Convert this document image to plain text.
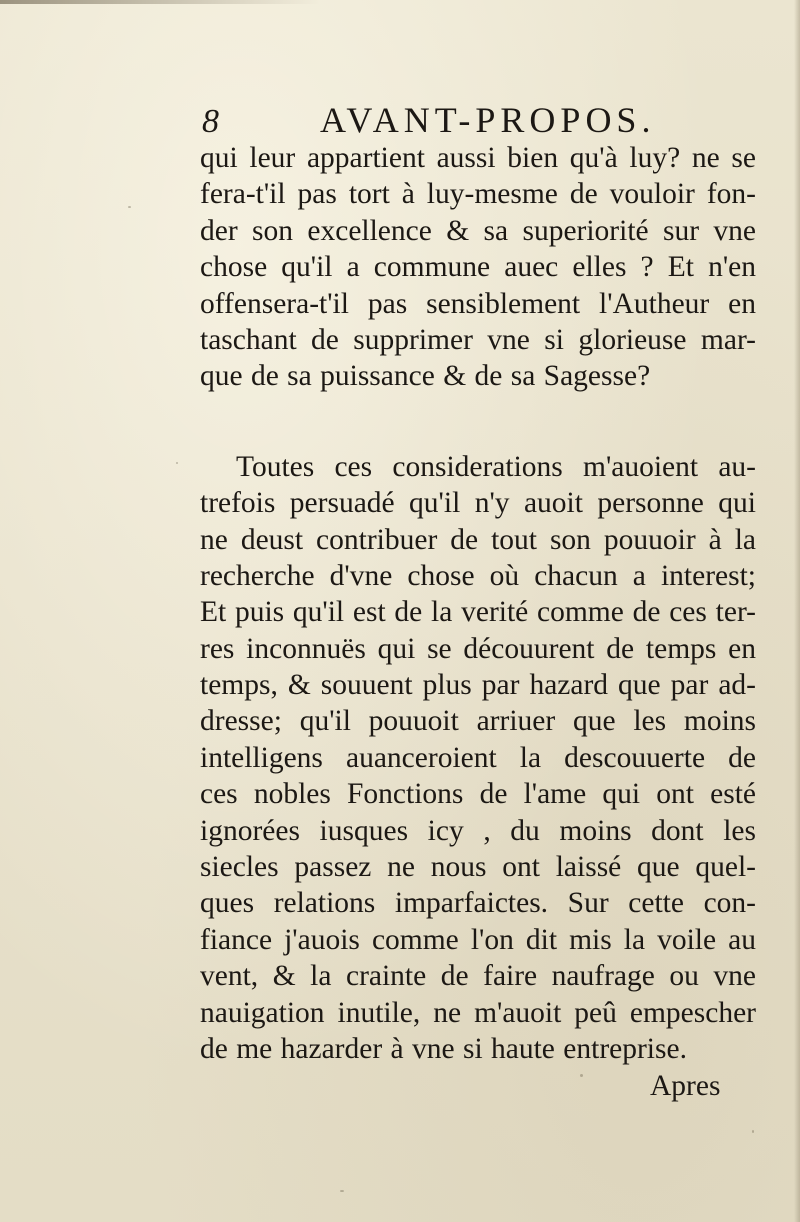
8	AVANT-PROPOS.
qui leur appartient aussi bien qu'à luy? ne se
fera-t'il pas tort à luy-mesme de vouloir fon-
der son excellence & sa superiorité sur vne
chose qu'il a commune auec elles ? Et n'en
offensera-t'il pas sensiblement l'Autheur en
taschant de supprimer vne si glorieuse mar-
que de sa puissance & de sa Sagesse?
Toutes ces considerations m'auoient au-
trefois persuadé qu'il n'y auoit personne qui
ne deust contribuer de tout son pouuoir à la
recherche d'vne chose où chacun a interest;
Et puis qu'il est de la verité comme de ces ter-
res inconnuës qui se découurent de temps en
temps, & souuent plus par hazard que par ad-
dresse; qu'il pouuoit arriuer que les moins
intelligens auanceroient la descouuerte de
ces nobles Fonctions de l'ame qui ont esté
ignorées iusques icy , du moins dont les
siecles passez ne nous ont laissé que quel-
ques relations imparfaictes. Sur cette con-
fiance j'auois comme l'on dit mis la voile au
vent, & la crainte de faire naufrage ou vne
nauigation inutile, ne m'auoit peû empescher
de me hazarder à vne si haute entreprise.
Apres
